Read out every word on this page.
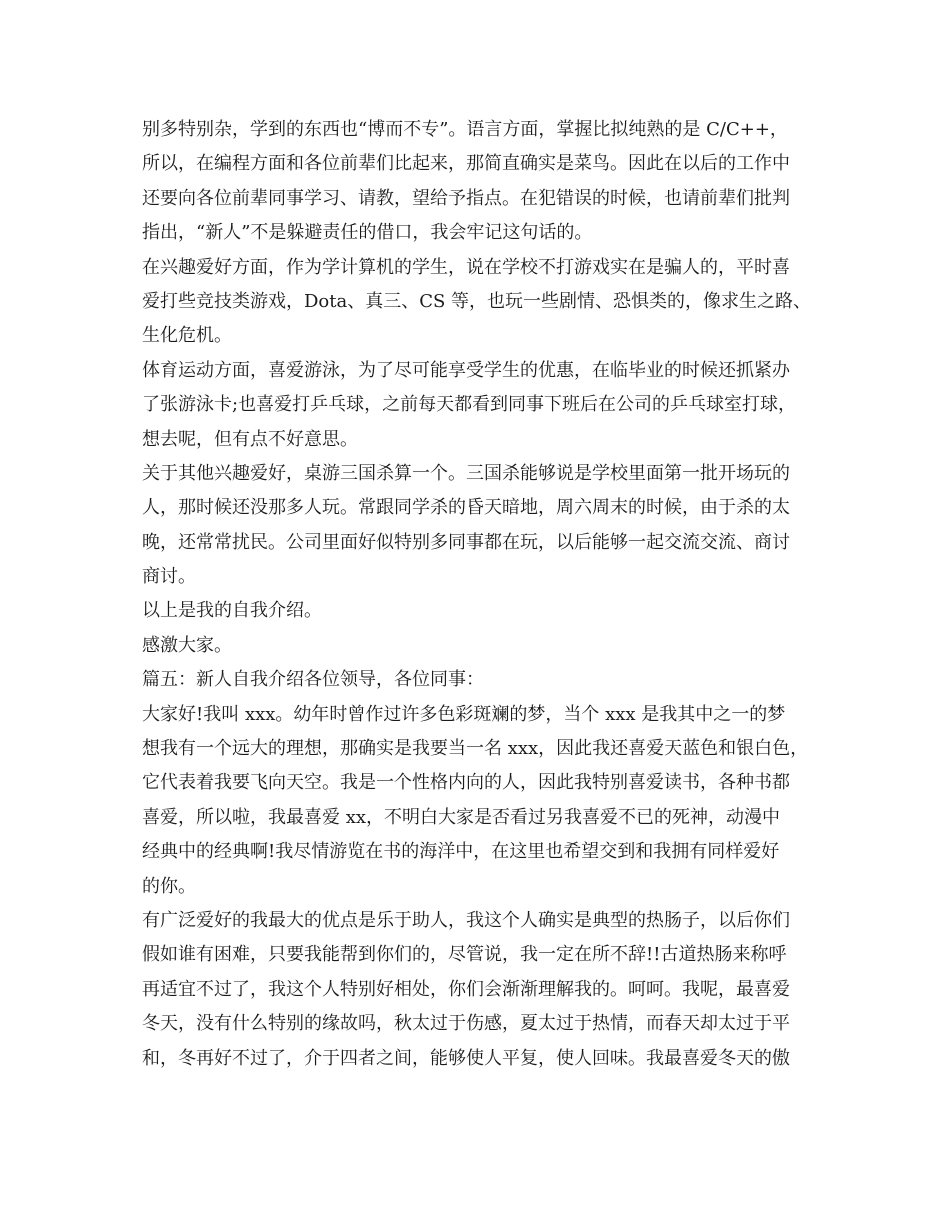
别多特别杂，学到的东西也“博而不专”。语言方面，掌握比拟纯熟的是 C/C++，
所以，在编程方面和各位前辈们比起来，那简直确实是菜鸟。因此在以后的工作中
还要向各位前辈同事学习、请教，望给予指点。在犯错误的时候，也请前辈们批判
指出，“新人”不是躲避责任的借口，我会牢记这句话的。
在兴趣爱好方面，作为学计算机的学生，说在学校不打游戏实在是骗人的，平时喜
爱打些竞技类游戏，Dota、真三、CS 等，也玩一些剧情、恐惧类的，像求生之路、
生化危机。
体育运动方面，喜爱游泳，为了尽可能享受学生的优惠，在临毕业的时候还抓紧办
了张游泳卡;也喜爱打乒乓球，之前每天都看到同事下班后在公司的乒乓球室打球，
想去呢，但有点不好意思。
关于其他兴趣爱好，桌游三国杀算一个。三国杀能够说是学校里面第一批开场玩的
人，那时候还没那多人玩。常跟同学杀的昏天暗地，周六周末的时候，由于杀的太
晚，还常常扰民。公司里面好似特别多同事都在玩，以后能够一起交流交流、商讨
商讨。
以上是我的自我介绍。
感激大家。
篇五：新人自我介绍各位领导，各位同事：
大家好!我叫 xxx。幼年时曾作过许多色彩斑斓的梦，当个 xxx 是我其中之一的梦
想我有一个远大的理想，那确实是我要当一名 xxx，因此我还喜爱天蓝色和银白色，
它代表着我要飞向天空。我是一个性格内向的人，因此我特别喜爱读书，各种书都
喜爱，所以啦，我最喜爱 xx，不明白大家是否看过另我喜爱不已的死神，动漫中
经典中的经典啊!我尽情游览在书的海洋中，在这里也希望交到和我拥有同样爱好
的你。
有广泛爱好的我最大的优点是乐于助人，我这个人确实是典型的热肠子，以后你们
假如谁有困难，只要我能帮到你们的，尽管说，我一定在所不辞!!古道热肠来称呼
再适宜不过了，我这个人特别好相处，你们会渐渐理解我的。呵呵。我呢，最喜爱
冬天，没有什么特别的缘故吗，秋太过于伤感，夏太过于热情，而春天却太过于平
和，冬再好不过了，介于四者之间，能够使人平复，使人回味。我最喜爱冬天的傲
